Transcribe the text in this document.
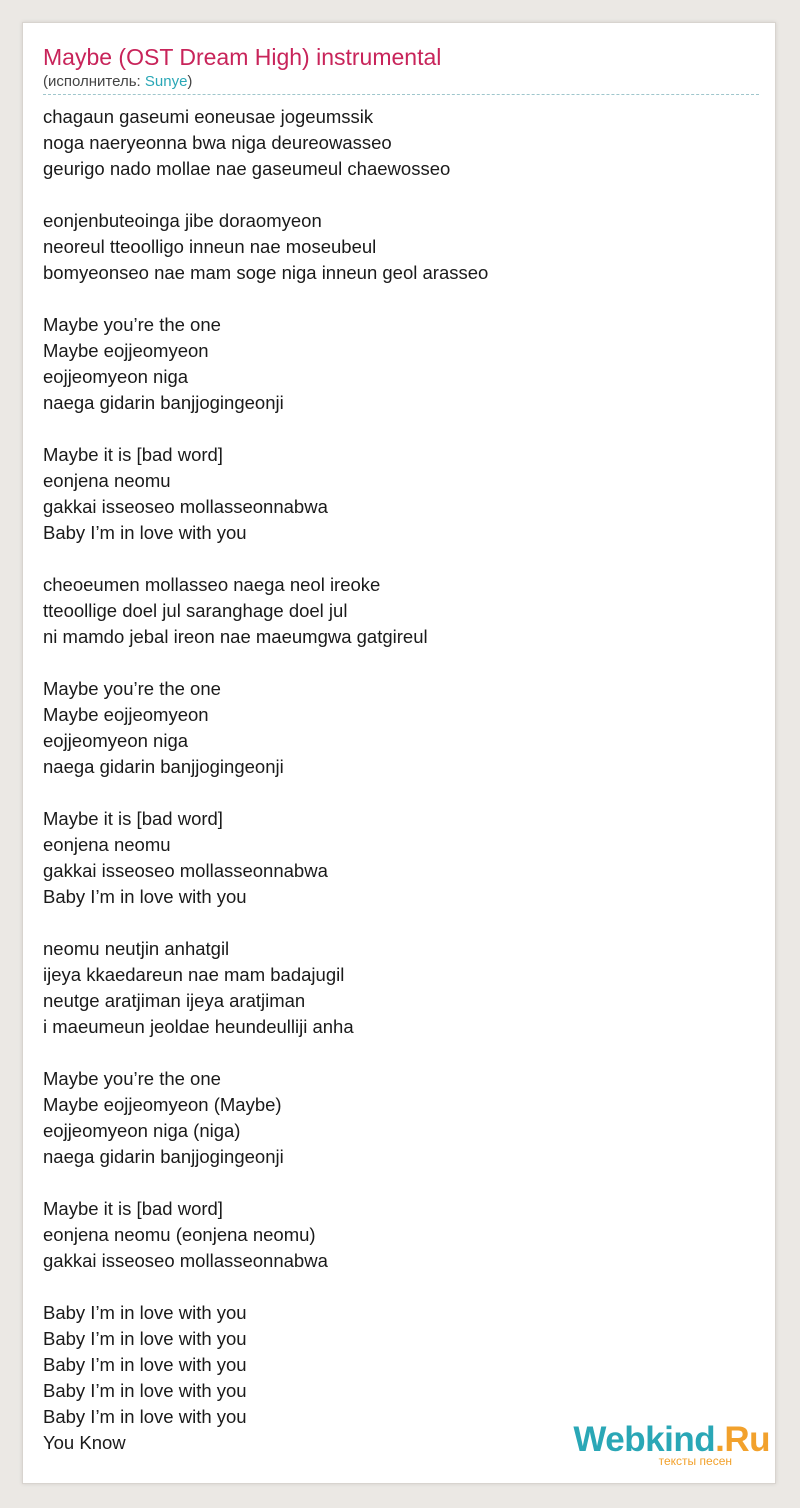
Maybe (OST Dream High) instrumental
(исполнитель: Sunye)
chagaun gaseumi eoneusae jogeumssik
noga naeryeonna bwa niga deureowasseo
geurigo nado mollae nae gaseumeul chaewosseo
eonjenbuteoinga jibe doraomyeon
neoreul tteoolligo inneun nae moseubeul
bomyeonseo nae mam soge niga inneun geol arasseo
Maybe you’re the one
Maybe eojjeomyeon
eojjeomyeon niga
naega gidarin banjjogingeonji
Maybe it is [bad word]
eonjena neomu
gakkai isseoseo mollasseonnabwa
Baby I’m in love with you
cheoeumen mollasseo naega neol ireoke
tteoollige doel jul saranghage doel jul
ni mamdo jebal ireon nae maeumgwa gatgireul
Maybe you’re the one
Maybe eojjeomyeon
eojjeomyeon niga
naega gidarin banjjogingeonji
Maybe it is [bad word]
eonjena neomu
gakkai isseoseo mollasseonnabwa
Baby I’m in love with you
neomu neutjin anhatgil
ijeya kkaedareun nae mam badajugil
neutge aratjiman ijeya aratjiman
i maeumeun jeoldae heundeulliji anha
Maybe you’re the one
Maybe eojjeomyeon (Maybe)
eojjeomyeon niga (niga)
naega gidarin banjjogingeonji
Maybe it is [bad word]
eonjena neomu (eonjena neomu)
gakkai isseoseo mollasseonnabwa
Baby I’m in love with you
Baby I’m in love with you
Baby I’m in love with you
Baby I’m in love with you
Baby I’m in love with you
You Know	Webkind.Ru
тексты песен
